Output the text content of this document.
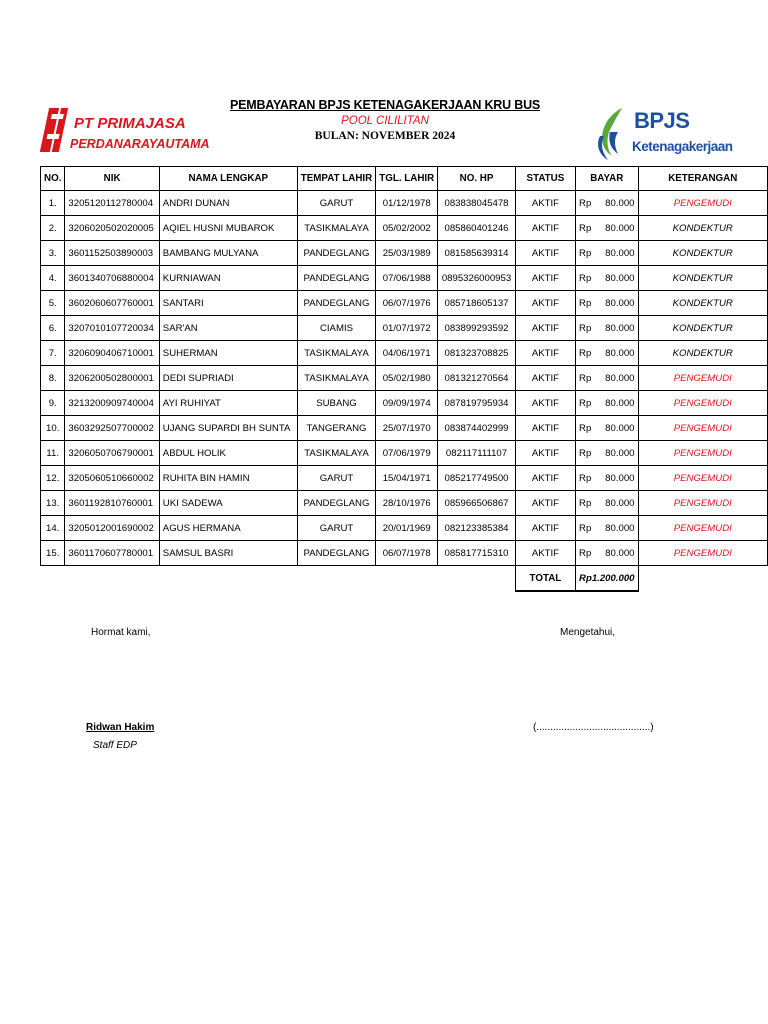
PT PRIMAJASA
PERDANARAYAUTAMA
PEMBAYARAN BPJS KETENAGAKERJAAN KRU BUS
POOL CILILITAN
BULAN: NOVEMBER 2024
BPJS
Ketenagakerjaan
NO.	NIK	NAMA LENGKAP	TEMPAT LAHIR	TGL. LAHIR	NO. HP	STATUS	BAYAR	KETERANGAN
1.	3205120112780004	ANDRI DUNAN	GARUT	01/12/1978	083838045478	AKTIF	Rp 80.000	PENGEMUDI
2.	3206020502020005	AQIEL HUSNI MUBAROK	TASIKMALAYA	05/02/2002	085860401246	AKTIF	Rp 80.000	KONDEKTUR
3.	3601152503890003	BAMBANG MULYANA	PANDEGLANG	25/03/1989	081585639314	AKTIF	Rp 80.000	KONDEKTUR
4.	3601340706880004	KURNIAWAN	PANDEGLANG	07/06/1988	0895326000953	AKTIF	Rp 80.000	KONDEKTUR
5.	3602060607760001	SANTARI	PANDEGLANG	06/07/1976	085718605137	AKTIF	Rp 80.000	KONDEKTUR
6.	3207010107720034	SAR'AN	CIAMIS	01/07/1972	083899293592	AKTIF	Rp 80.000	KONDEKTUR
7.	3206090406710001	SUHERMAN	TASIKMALAYA	04/06/1971	081323708825	AKTIF	Rp 80.000	KONDEKTUR
8.	3206200502800001	DEDI SUPRIADI	TASIKMALAYA	05/02/1980	081321270564	AKTIF	Rp 80.000	PENGEMUDI
9.	3213200909740004	AYI RUHIYAT	SUBANG	09/09/1974	087819795934	AKTIF	Rp 80.000	PENGEMUDI
10.	3603292507700002	UJANG SUPARDI BH SUNTA	TANGERANG	25/07/1970	083874402999	AKTIF	Rp 80.000	PENGEMUDI
11.	3206050706790001	ABDUL HOLIK	TASIKMALAYA	07/06/1979	082117111107	AKTIF	Rp 80.000	PENGEMUDI
12.	3205060510660002	RUHITA BIN HAMIN	GARUT	15/04/1971	085217749500	AKTIF	Rp 80.000	PENGEMUDI
13.	3601192810760001	UKI SADEWA	PANDEGLANG	28/10/1976	085966506867	AKTIF	Rp 80.000	PENGEMUDI
14.	3205012001690002	AGUS HERMANA	GARUT	20/01/1969	082123385384	AKTIF	Rp 80.000	PENGEMUDI
15.	3601170607780001	SAMSUL BASRI	PANDEGLANG	06/07/1978	085817715310	AKTIF	Rp 80.000	PENGEMUDI
						TOTAL	Rp 1.200.000	

Hormat kami,	Mengetahui,
Ridwan Hakim
Staff EDP
(.........................................)
